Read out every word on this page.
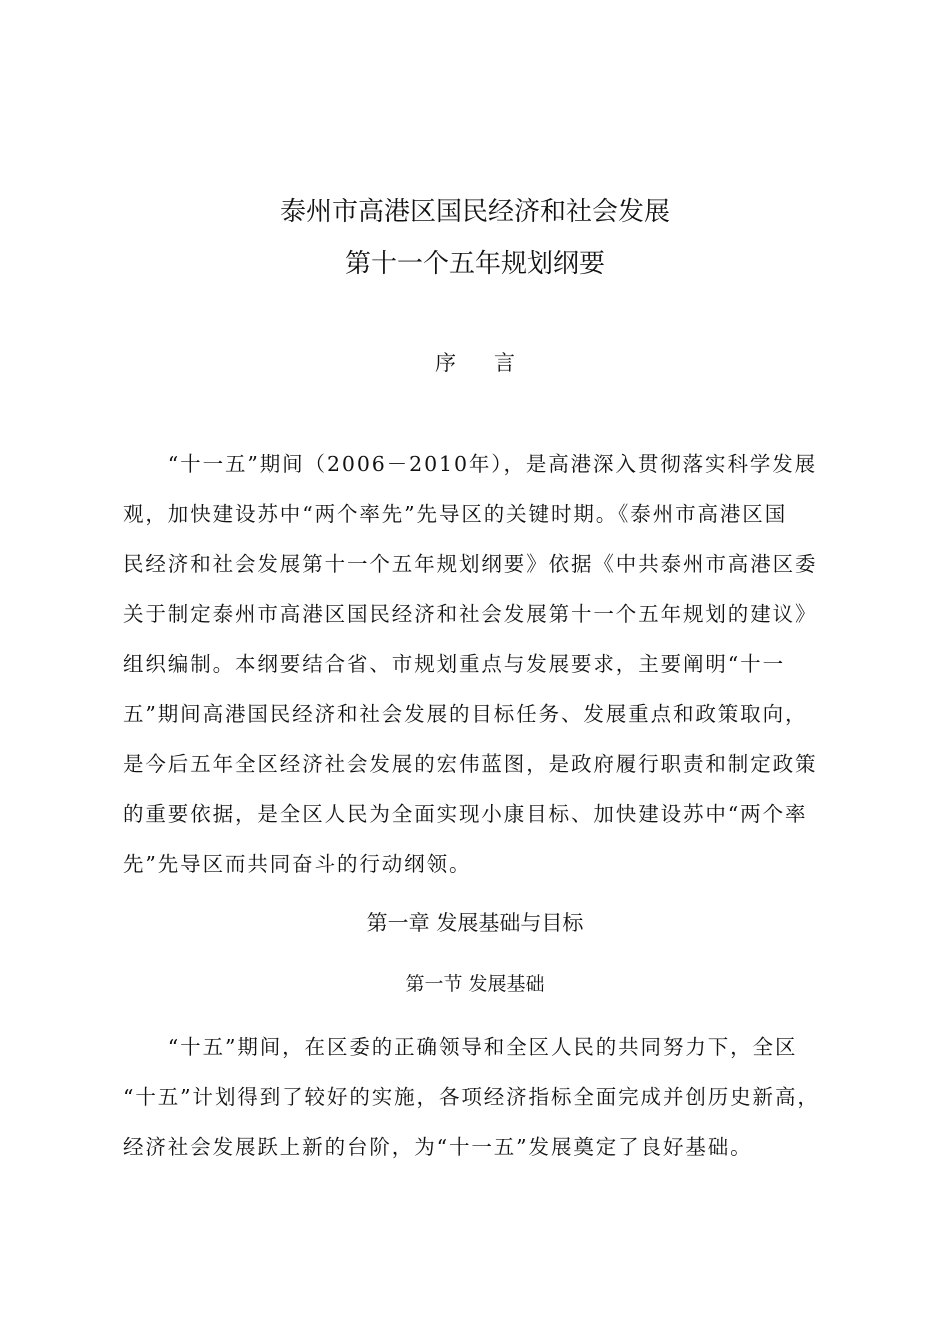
泰州市高港区国民经济和社会发展
第十一个五年规划纲要
序言
　　“十一五”期间（2006－2010年），是高港深入贯彻落实科学发展
观，加快建设苏中“两个率先”先导区的关键时期。《泰州市高港区国
民经济和社会发展第十一个五年规划纲要》依据《中共泰州市高港区委
关于制定泰州市高港区国民经济和社会发展第十一个五年规划的建议》
组织编制。本纲要结合省、市规划重点与发展要求，主要阐明“十一
五”期间高港国民经济和社会发展的目标任务、发展重点和政策取向，
是今后五年全区经济社会发展的宏伟蓝图，是政府履行职责和制定政策
的重要依据，是全区人民为全面实现小康目标、加快建设苏中“两个率
先”先导区而共同奋斗的行动纲领。
第一章 发展基础与目标
第一节 发展基础
　　“十五”期间，在区委的正确领导和全区人民的共同努力下，全区
“十五”计划得到了较好的实施，各项经济指标全面完成并创历史新高，
经济社会发展跃上新的台阶，为“十一五”发展奠定了良好基础。
